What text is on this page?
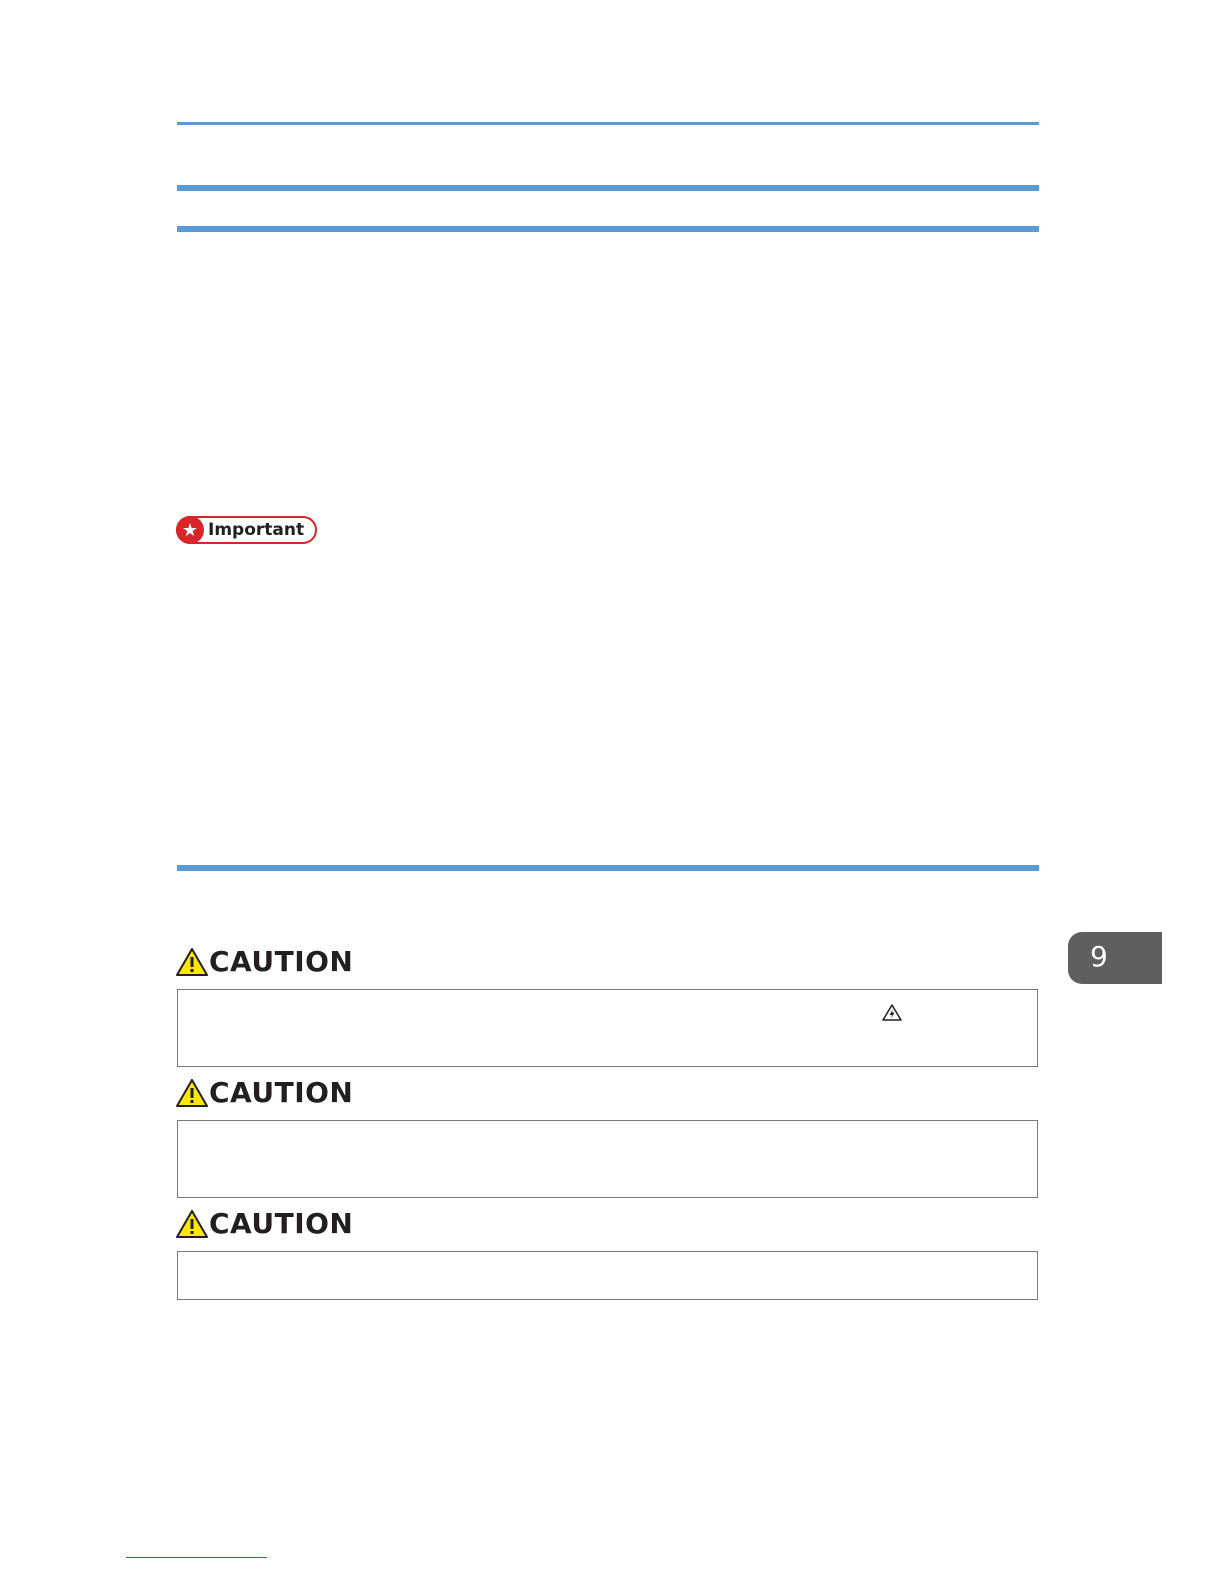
★ Important
CAUTION
CAUTION
CAUTION
9
